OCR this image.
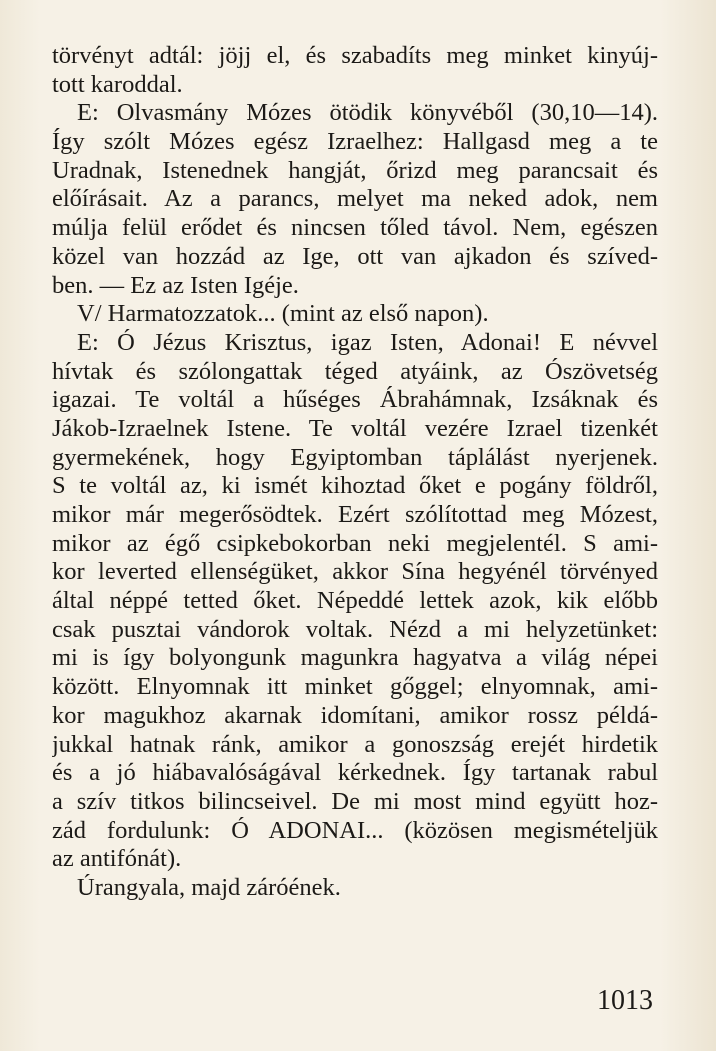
törvényt adtál: jöjj el, és szabadíts meg minket kinyúj-
tott karoddal.
E: Olvasmány Mózes ötödik könyvéből (30,10—14).
Így szólt Mózes egész Izraelhez: Hallgasd meg a te
Uradnak, Istenednek hangját, őrizd meg parancsait és
előírásait. Az a parancs, melyet ma neked adok, nem
múlja felül erődet és nincsen tőled távol. Nem, egészen
közel van hozzád az Ige, ott van ajkadon és szíved-
ben. — Ez az Isten Igéje.
V/ Harmatozzatok... (mint az első napon).
E: Ó Jézus Krisztus, igaz Isten, Adonai! E névvel
hívtak és szólongattak téged atyáink, az Ószövetség
igazai. Te voltál a hűséges Ábrahámnak, Izsáknak és
Jákob-Izraelnek Istene. Te voltál vezére Izrael tizenkét
gyermekének, hogy Egyiptomban táplálást nyerjenek.
S te voltál az, ki ismét kihoztad őket e pogány földről,
mikor már megerősödtek. Ezért szólítottad meg Mózest,
mikor az égő csipkebokorban neki megjelentél. S ami-
kor leverted ellenségüket, akkor Sína hegyénél törvényed
által néppé tetted őket. Népeddé lettek azok, kik előbb
csak pusztai vándorok voltak. Nézd a mi helyzetünket:
mi is így bolyongunk magunkra hagyatva a világ népei
között. Elnyomnak itt minket gőggel; elnyomnak, ami-
kor magukhoz akarnak idomítani, amikor rossz példá-
jukkal hatnak ránk, amikor a gonoszság erejét hirdetik
és a jó hiábavalóságával kérkednek. Így tartanak rabul
a szív titkos bilincseivel. De mi most mind együtt hoz-
zád fordulunk: Ó ADONAI... (közösen megismételjük
az antifónát).
Úrangyala, majd záróének.
1013
